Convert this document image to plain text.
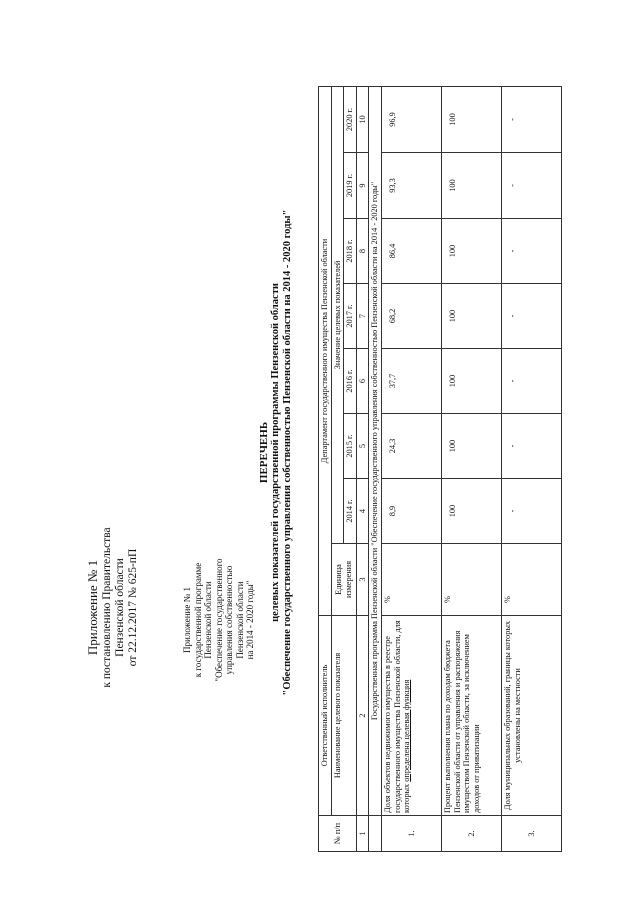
Приложение № 1 к постановлению Правительства Пензенской области от 22.12.2017 № 625-пП	Приложение № 1 к государственной программе Пензенской области "Обеспечение государственного управления собственностью Пензенской области на 2014 - 2020 годы"
ПЕРЕЧЕНЬ целевых показателей государственной программы Пензенской области "Обеспечение государственного управления собственностью Пензенской области на 2014 - 2020 годы"
№ п/п	Ответственный исполнитель	Департамент государственного имущества Пензенской области							
	Наименование целевого показателя	Единица измерения	Значение целевых показателей						
			2014 г.	2015 г.	2016 г.	2017 г.	2018 г.	2019 г.	2020 г.
1	2	3	4	5	6	7	8	9	10
	Государственная программа Пензенской области "Обеспечение государственного управления собственностью Пензенской области на 2014 - 2020 годы"								
1.	Доля объектов недвижимого имущества в реестре государственного имущества Пензенской области, для которых определена целевая функция	%	8,9	24,3	37,7	68,2	86,4	93,3	96,9
2.	Процент выполнения плана по доходам бюджета Пензенской области от управления и распоряжения имуществом Пензенской области, за исключением доходов от приватизации	%	100	100	100	100	100	100	100
3.	Доля муниципальных образований, границы которых установлены на местности	%	-	-	-	-	-	-	-
